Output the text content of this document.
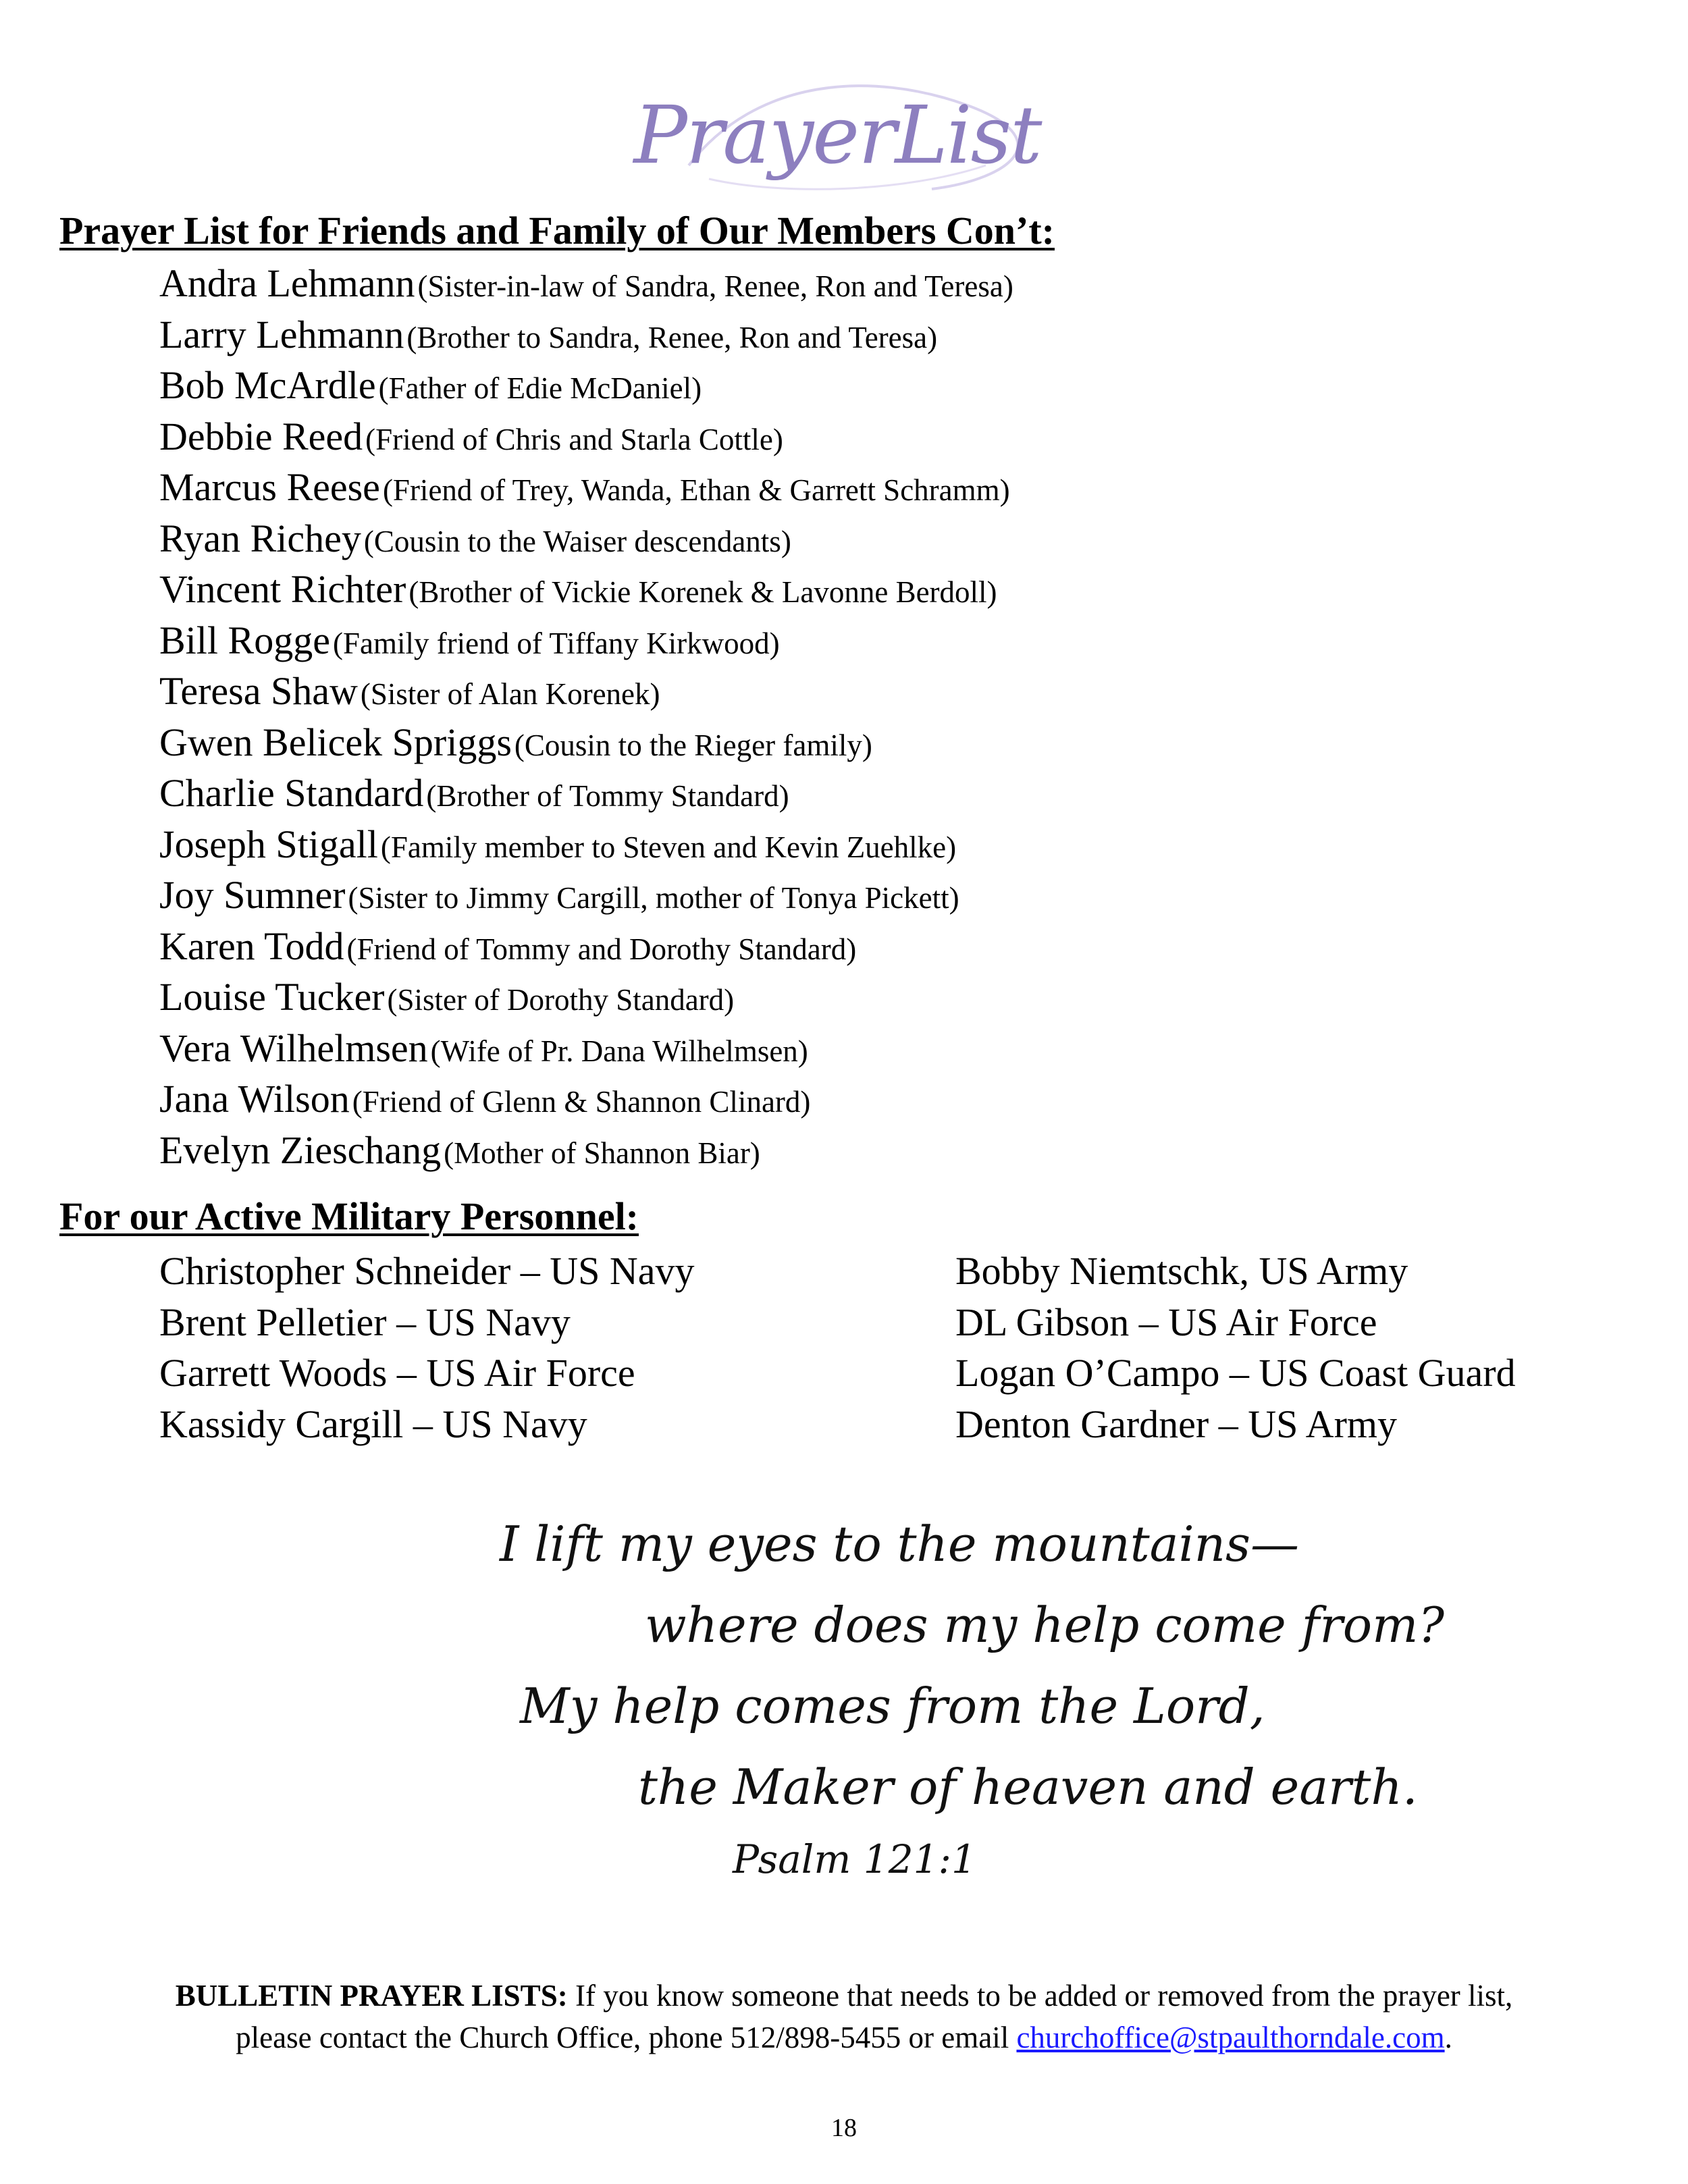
PrayerList
Prayer List for Friends and Family of Our Members Con’t:
Andra Lehmann (Sister-in-law of Sandra, Renee, Ron and Teresa)
Larry Lehmann (Brother to Sandra, Renee, Ron and Teresa)
Bob McArdle (Father of Edie McDaniel)
Debbie Reed (Friend of Chris and Starla Cottle)
Marcus Reese (Friend of Trey, Wanda, Ethan & Garrett Schramm)
Ryan Richey (Cousin to the Waiser descendants)
Vincent Richter (Brother of Vickie Korenek & Lavonne Berdoll)
Bill Rogge (Family friend of Tiffany Kirkwood)
Teresa Shaw (Sister of Alan Korenek)
Gwen Belicek Spriggs (Cousin to the Rieger family)
Charlie Standard (Brother of Tommy Standard)
Joseph Stigall (Family member to Steven and Kevin Zuehlke)
Joy Sumner (Sister to Jimmy Cargill, mother of Tonya Pickett)
Karen Todd (Friend of Tommy and Dorothy Standard)
Louise Tucker (Sister of Dorothy Standard)
Vera Wilhelmsen (Wife of Pr. Dana Wilhelmsen)
Jana Wilson (Friend of Glenn & Shannon Clinard)
Evelyn Zieschang (Mother of Shannon Biar)
For our Active Military Personnel:
Christopher Schneider – US Navy
Brent Pelletier – US Navy
Garrett Woods – US Air Force
Kassidy Cargill – US Navy
Bobby Niemtschk, US Army
DL Gibson – US Air Force
Logan O’Campo – US Coast Guard
Denton Gardner – US Army
I lift my eyes to the mountains—
where does my help come from?
My help comes from the Lord,
the Maker of heaven and earth.
Psalm 121:1
BULLETIN PRAYER LISTS: If you know someone that needs to be added or removed from the prayer list,
please contact the Church Office, phone 512/898-5455 or email churchoffice@stpaulthorndale.com.
18
